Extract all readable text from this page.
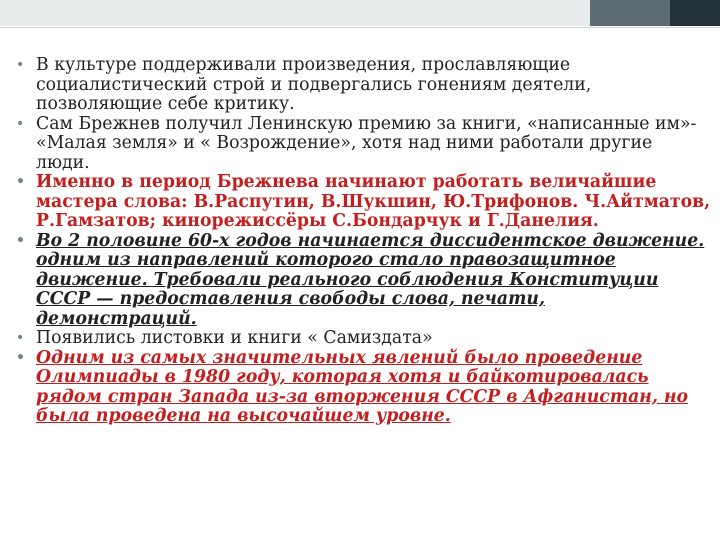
• В культуре поддерживали произведения, прославляющие социалистический строй и подвергались гонениям деятели, позволяющие себе критику.
• Сам Брежнев получил Ленинскую премию за книги, «написанные им»- «Малая земля» и « Возрождение», хотя над ними работали другие люди.
• Именно в период Брежнева начинают работать величайшие мастера слова: В.Распутин, В.Шукшин, Ю.Трифонов. Ч.Айтматов, Р.Гамзатов; кинорежиссёры С.Бондарчук и Г.Данелия.
• Во 2 половине 60-х годов начинается диссидентское движение. одним из направлений которого стало правозащитное движение. Требовали реального соблюдения Конституции СССР — предоставления свободы слова, печати, демонстраций.
• Появились листовки и книги « Самиздата»
• Одним из самых значительных явлений было проведение Олимпиады в 1980 году, которая хотя и байкотировалась рядом стран Запада из-за вторжения СССР в Афганистан, но была проведена на высочайшем уровне.
